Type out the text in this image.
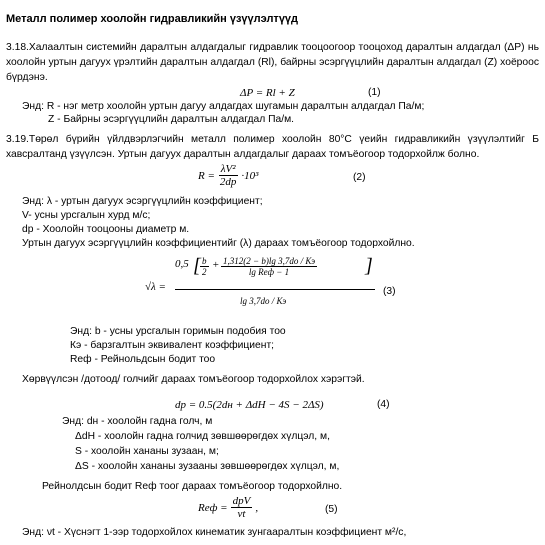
Металл полимер хоолойн гидравликийн үзүүлэлтүүд
3.18.Халаалтын системийн даралтын алдагдалыг гидравлик тооцоогоор тооцоход даралтын алдагдал (ΔP) нь хоолойн уртын дагуух үрэлтийн даралтын алдагдал (Rl), байрны эсэргүүцлийн даралтын алдагдал (Z) хоёроос бүрдэнэ.
ΔP = Rl + Z	(1)
Энд: R - нэг метр хоолойн уртын дагуу алдагдах шугамын даралтын алдагдал Па/м;
Z - Байрны эсэргүүцлийн даралтын алдагдал Па/м.
3.19.Төрөл бүрийн үйлдвэрлэгчийн металл полимер хоолойн 80°C үеийн гидравликийн үзүүлэлтийг Б хавсралтанд үзүүлсэн. Уртын дагуух даралтын алдагдалыг дараах томъёогоор тодорхойлж болно.
$R = \frac{\text{λV²}}{2dр} \cdot 10^3$	(2)
Энд: λ - уртын дагуух эсэргүүцлийн коэффициент;
V- усны урсгалын хурд м/с;
dр - Хоолойн тооцооны диаметр м.
Уртын дагуух эсэргүүцлийн коэффициентийг (λ) дараах томъёогоор тодорхойлно.
√λ =
0,5 [ $\frac{b}{2} + 1,312(2 - b)\lg$ 3,7dо / Кэ
lg Reф − 1	]
lg 3,7dо / Кэ
(3)
Энд: b - усны урсгалын горимын подобия тоо
Кэ - барзгалтын эквивалент коэффициент;
Reф - Рейнольдсын бодит тоо
Хөрвүүлсэн /дотоод/ голчийг дараах томъёогоор тодорхойлох хэрэгтэй.
dр = 0.5(2dн + ΔdН − 4S − 2ΔS)	(4)
Энд: dн - хоолойн гадна голч, м
ΔdН - хоолойн гадна голчид зөвшөөрөгдөх хүлцэл, м,
S - хоолойн хананы зузаан, м;
ΔS - хоолойн хананы зузааны зөвшөөрөгдөх хүлцэл, м,
Рейнолдсын бодит Reф тоог дараах томъёогоор тодорхойлно.
Reф = $\frac{\text{dрV}}{\nu t}$ ,	(5)
Энд: νt - Хүснэгт 1-ээр тодорхойлох кинематик зунгааралтын коэффициент м²/с,
